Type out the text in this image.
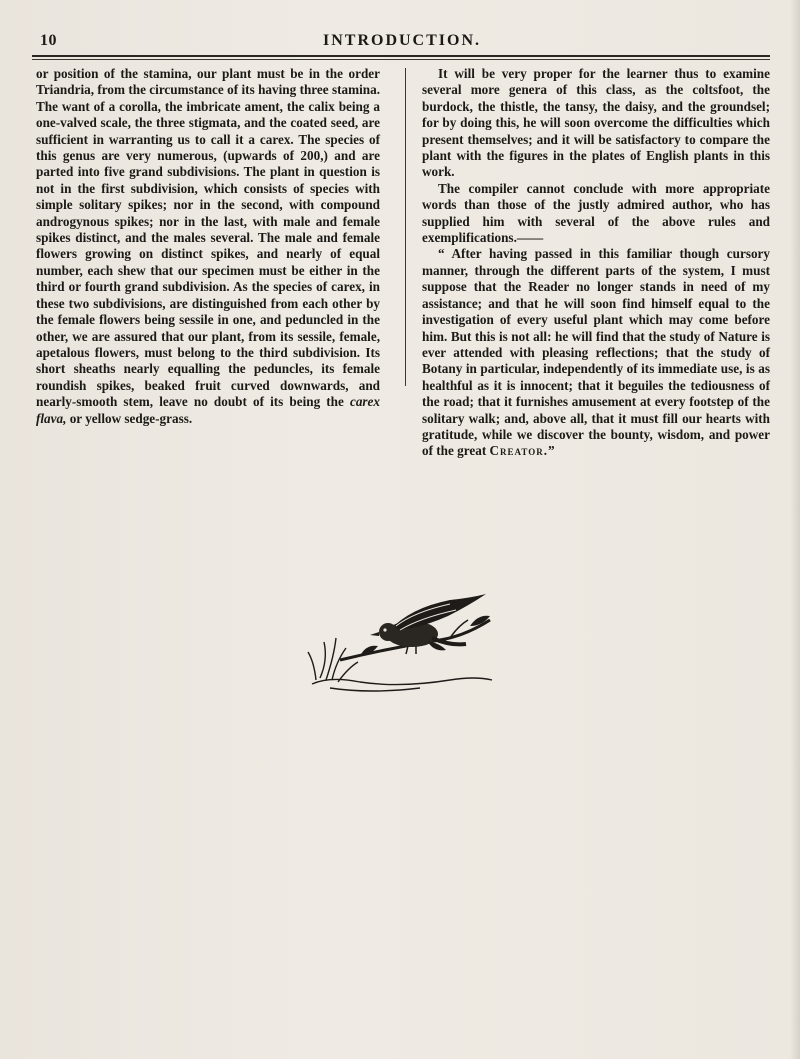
10	INTRODUCTION.

or position of the stamina, our plant must be in the order Triandria, from the circumstance of its having three stamina. The want of a corolla, the imbricate ament, the calix being a one-valved scale, the three stigmata, and the coated seed, are sufficient in warranting us to call it a carex. The species of this genus are very numerous, (upwards of 200,) and are parted into five grand subdivisions. The plant in question is not in the first subdivision, which consists of species with simple solitary spikes; nor in the second, with compound androgynous spikes; nor in the last, with male and female spikes distinct, and the males several. The male and female flowers growing on distinct spikes, and nearly of equal number, each shew that our specimen must be either in the third or fourth grand subdivision. As the species of carex, in these two subdivisions, are distinguished from each other by the female flowers being sessile in one, and peduncled in the other, we are assured that our plant, from its sessile, female, apetalous flowers, must belong to the third subdivision. Its short sheaths nearly equalling the peduncles, its female roundish spikes, beaked fruit curved downwards, and nearly-smooth stem, leave no doubt of its being the carex flava, or yellow sedge-grass.

It will be very proper for the learner thus to examine several more genera of this class, as the coltsfoot, the burdock, the thistle, the tansy, the daisy, and the groundsel; for by doing this, he will soon overcome the difficulties which present themselves; and it will be satisfactory to compare the plant with the figures in the plates of English plants in this work.

The compiler cannot conclude with more appropriate words than those of the justly admired author, who has supplied him with several of the above rules and exemplifications.——

“ After having passed in this familiar though cursory manner, through the different parts of the system, I must suppose that the Reader no longer stands in need of my assistance; and that he will soon find himself equal to the investigation of every useful plant which may come before him. But this is not all: he will find that the study of Nature is ever attended with pleasing reflections; that the study of Botany in particular, independently of its immediate use, is as healthful as it is innocent; that it beguiles the tediousness of the road; that it furnishes amusement at every footstep of the solitary walk; and, above all, that it must fill our hearts with gratitude, while we discover the bounty, wisdom, and power of the great Creator.”
